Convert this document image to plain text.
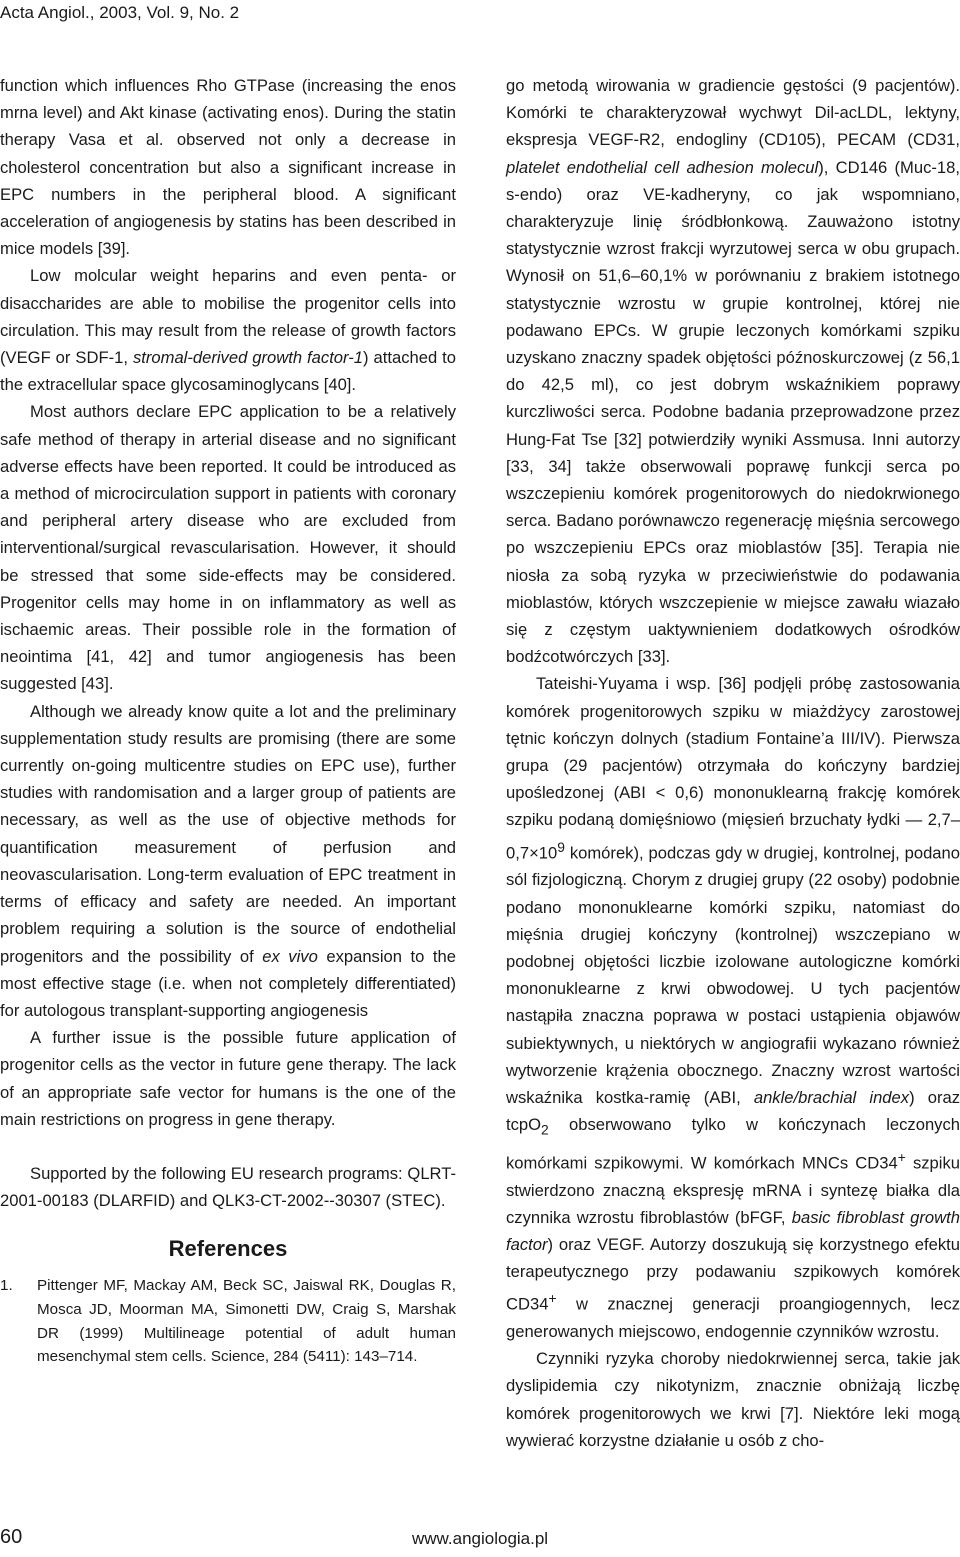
Acta Angiol., 2003, Vol. 9, No. 2

function which influences Rho GTPase (increasing the enos mrna level) and Akt kinase (activating enos). During the statin therapy Vasa et al. observed not only a decrease in cholesterol concentration but also a significant increase in EPC numbers in the peripheral blood. A significant acceleration of angiogenesis by statins has been described in mice models [39].

Low molcular weight heparins and even penta- or disaccharides are able to mobilise the progenitor cells into circulation. This may result from the release of growth factors (VEGF or SDF-1, stromal-derived growth factor-1) attached to the extracellular space glycosaminoglycans [40].

Most authors declare EPC application to be a relatively safe method of therapy in arterial disease and no significant adverse effects have been reported. It could be introduced as a method of microcirculation support in patients with coronary and peripheral artery disease who are excluded from interventional/surgical revascularisation. However, it should be stressed that some side-effects may be considered. Progenitor cells may home in on inflammatory as well as ischaemic areas. Their possible role in the formation of neointima [41, 42] and tumor angiogenesis has been suggested [43].

Although we already know quite a lot and the preliminary supplementation study results are promising (there are some currently on-going multicentre studies on EPC use), further studies with randomisation and a larger group of patients are necessary, as well as the use of objective methods for quantification measurement of perfusion and neovascularisation. Long-term evaluation of EPC treatment in terms of efficacy and safety are needed. An important problem requiring a solution is the source of endothelial progenitors and the possibility of ex vivo expansion to the most effective stage (i.e. when not completely differentiated) for autologous transplant-supporting angiogenesis

A further issue is the possible future application of progenitor cells as the vector in future gene therapy. The lack of an appropriate safe vector for humans is the one of the main restrictions on progress in gene therapy.

Supported by the following EU research programs: QLRT-2001-00183 (DLARFID) and QLK3-CT-2002--30307 (STEC).

References
1. Pittenger MF, Mackay AM, Beck SC, Jaiswal RK, Douglas R, Mosca JD, Moorman MA, Simonetti DW, Craig S, Marshak DR (1999) Multilineage potential of adult human mesenchymal stem cells. Science, 284 (5411): 143–714.

go metodą wirowania w gradiencie gęstości (9 pacjentów). Komórki te charakteryzował wychwyt Dil-acLDL, lektyny, ekspresja VEGF-R2, endogliny (CD105), PECAM (CD31, platelet endothelial cell adhesion molecul), CD146 (Muc-18, s-endo) oraz VE-kadheryny, co jak wspomniano, charakteryzuje linię śródbłonkową. Zauważono istotny statystycznie wzrost frakcji wyrzutowej serca w obu grupach. Wynosił on 51,6–60,1% w porównaniu z brakiem istotnego statystycznie wzrostu w grupie kontrolnej, której nie podawano EPCs. W grupie leczonych komórkami szpiku uzyskano znaczny spadek objętości późnoskurczowej (z 56,1 do 42,5 ml), co jest dobrym wskaźnikiem poprawy kurczliwości serca. Podobne badania przeprowadzone przez Hung-Fat Tse [32] potwierdziły wyniki Assmusa. Inni autorzy [33, 34] także obserwowali poprawę funkcji serca po wszczepieniu komórek progenitorowych do niedokrwionego serca. Badano porównawczo regenerację mięśnia sercowego po wszczepieniu EPCs oraz mioblastów [35]. Terapia nie niosła za sobą ryzyka w przeciwieństwie do podawania mioblastów, których wszczepienie w miejsce zawału wiazało się z częstym uaktywnieniem dodatkowych ośrodków bodźcotwórczych [33].

Tateishi-Yuyama i wsp. [36] podjęli próbę zastosowania komórek progenitorowych szpiku w miażdżycy zarostowej tętnic kończyn dolnych (stadium Fontaine’a III/IV). Pierwsza grupa (29 pacjentów) otrzymała do kończyny bardziej upośledzonej (ABI < 0,6) mononuklearną frakcję komórek szpiku podaną domięśniowo (mięsień brzuchaty łydki — $2,7-0,7\times 10^9$ komórek), podczas gdy w drugiej, kontrolnej, podano sól fizjologiczną. Chorym z drugiej grupy (22 osoby) podobnie podano mononuklearne komórki szpiku, natomiast do mięśnia drugiej kończyny (kontrolnej) wszczepiano w podobnej objętości liczbie izolowane autologiczne komórki mononuklearne z krwi obwodowej. U tych pacjentów nastąpiła znaczna poprawa w postaci ustąpienia objawów subiektywnych, u niektórych w angiografii wykazano również wytworzenie krążenia obocznego. Znaczny wzrost wartości wskaźnika kostka-ramię (ABI, ankle/brachial index) oraz tcpO$_2$ obserwowano tylko w kończynach leczonych komórkami szpikowymi. W komórkach MNCs CD34+ szpiku stwierdzono znaczną ekspresję mRNA i syntezę białka dla czynnika wzrostu fibroblastów (bFGF, basic fibroblast growth factor) oraz VEGF. Autorzy doszukują się korzystnego efektu terapeutycznego przy podawaniu szpikowych komórek CD34+ w znacznej generacji proangiogennych, lecz generowanych miejscowo, endogennie czynników wzrostu.

Czynniki ryzyka choroby niedokrwiennej serca, takie jak dyslipidemia czy nikotynizm, znacznie obniżają liczbę komórek progenitorowych we krwi [7]. Niektóre leki mogą wywierać korzystne działanie u osób z cho-

60	www.angiologia.pl
